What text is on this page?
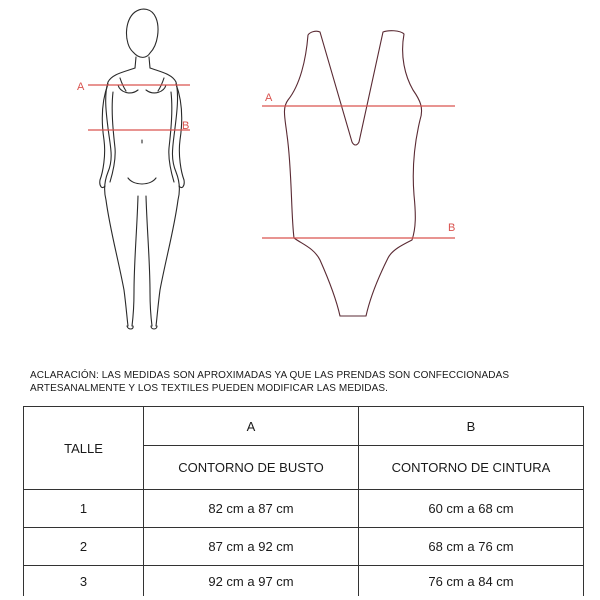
A
B
A
B
ACLARACIÓN: LAS MEDIDAS SON APROXIMADAS YA QUE LAS PRENDAS SON CONFECCIONADAS
ARTESANALMENTE Y LOS TEXTILES PUEDEN MODIFICAR LAS MEDIDAS.
TALLE	A	B
	CONTORNO DE BUSTO	CONTORNO DE CINTURA
1	82 cm a 87 cm	60 cm a 68 cm
2	87 cm a 92 cm	68 cm a 76 cm
3	92 cm a 97 cm	76 cm a 84 cm
